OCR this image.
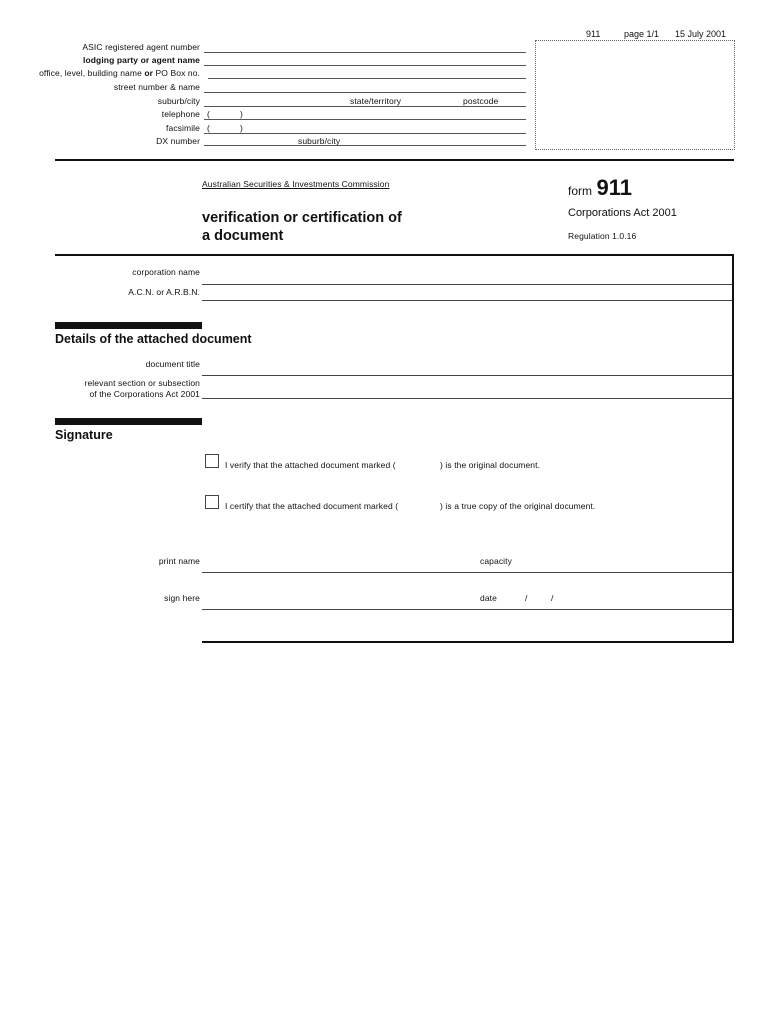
911	page 1/1 15 July 2001
ASIC registered agent number
lodging party or agent name
office, level, building name or PO Box no.
street number & name
suburb/city	state/territory	postcode
telephone (	)
facsimile (	)
DX number	suburb/city
Australian Securities & Investments Commission	form 911
verification or certification of
a document
Corporations Act 2001
Regulation 1.0.16
corporation name
A.C.N. or A.R.B.N.
Details of the attached document
document title
relevant section or subsection
of the Corporations Act 2001
Signature
I verify that the attached document marked (	) is the original document.
I certify that the attached document marked (	) is a true copy of the original document.
print name	capacity
sign here	date	/	/
